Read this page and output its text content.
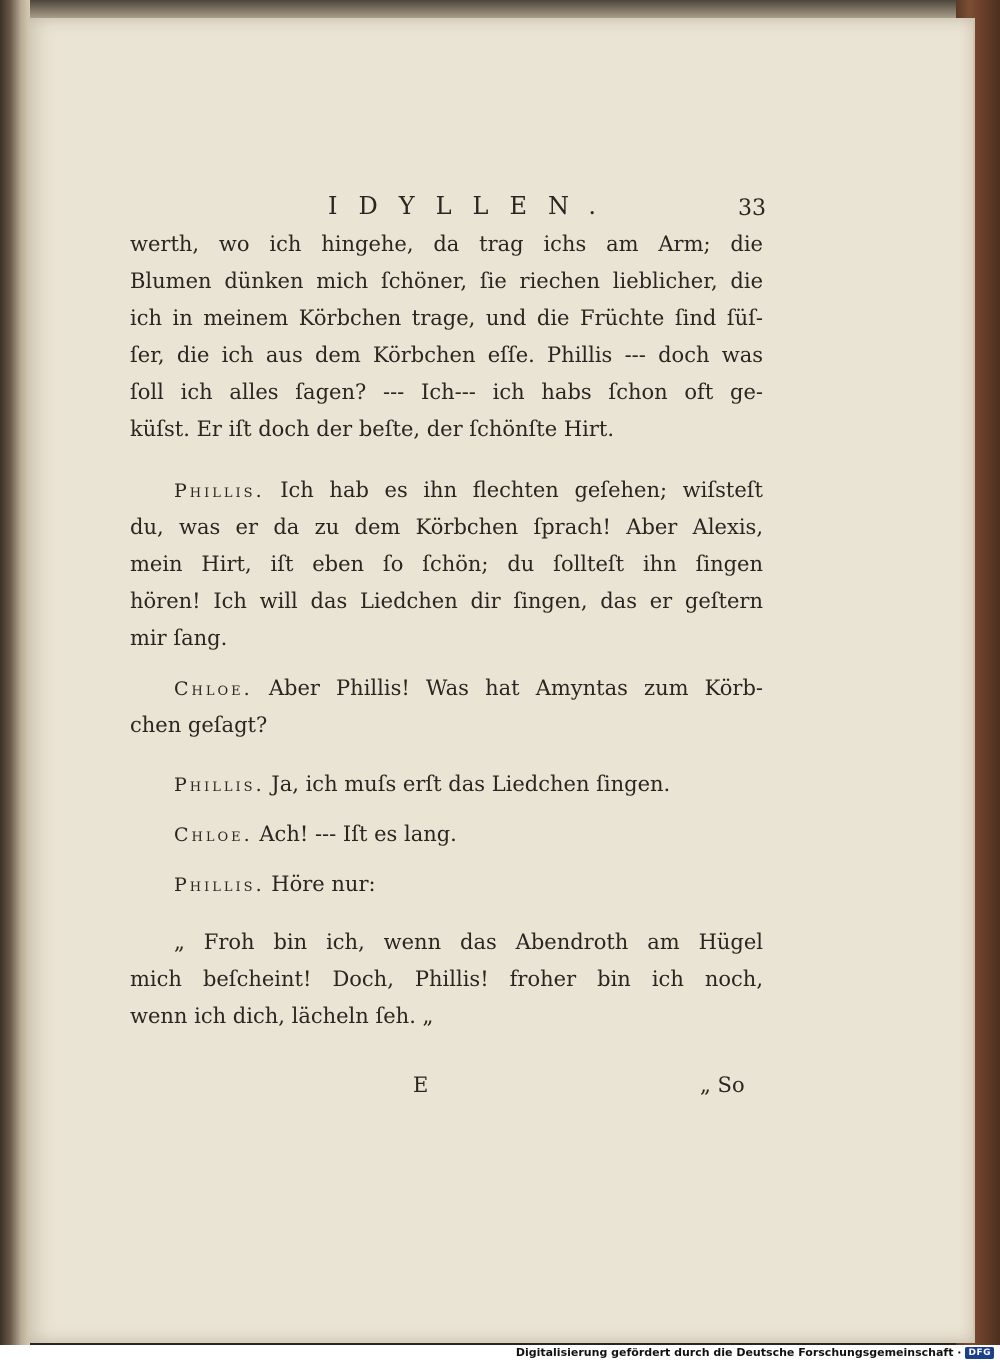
IDYLLEN.	33
werth, wo ich hingehe, da trag ichs am Arm; die
Blumen dünken mich ſchöner, ſie riechen lieblicher, die
ich in meinem Körbchen trage, und die Früchte ſind ſüſ-
ſer, die ich aus dem Körbchen eſſe. Phillis --- doch was
ſoll ich alles ſagen? --- Ich--- ich habs ſchon oft ge-
küſst. Er iſt doch der beſte, der ſchönſte Hirt.
Phillis. Ich hab es ihn flechten geſehen; wiſsteſt
du, was er da zu dem Körbchen ſprach! Aber Alexis,
mein Hirt, iſt eben ſo ſchön; du ſollteſt ihn ſingen
hören! Ich will das Liedchen dir ſingen, das er geſtern
mir ſang.
Chloe. Aber Phillis! Was hat Amyntas zum Körb-
chen geſagt?
Phillis. Ja, ich muſs erſt das Liedchen ſingen.
Chloe. Ach! --- Iſt es lang.
Phillis. Höre nur:
„ Froh bin ich, wenn das Abendroth am Hügel
mich beſcheint! Doch, Phillis! froher bin ich noch,
wenn ich dich, lächeln ſeh. „
E	„ So
Digitalisierung gefördert durch die Deutsche Forschungsgemeinschaft · DFG
